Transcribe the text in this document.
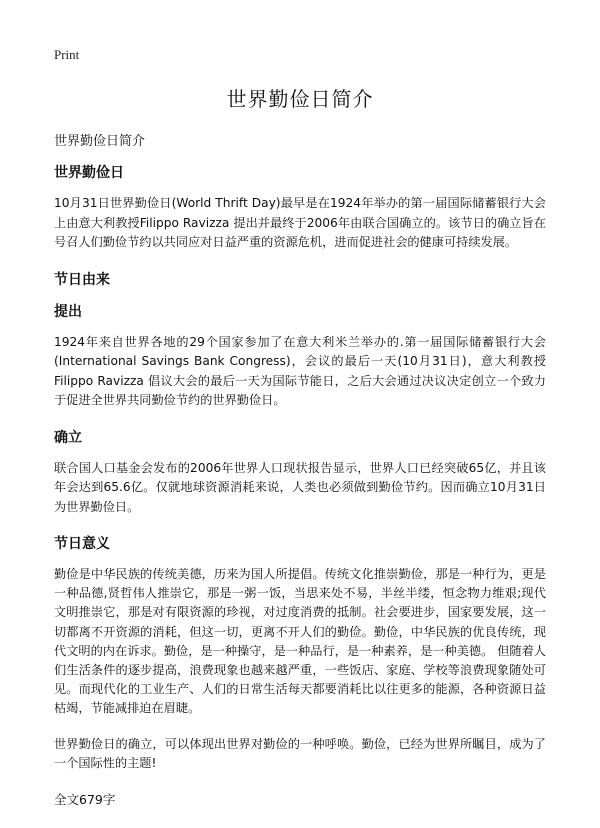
Print
世界勤俭日简介
世界勤俭日简介
世界勤俭日

10月31日世界勤俭日(World Thrift Day)最早是在1924年举办的第一届国际储蓄银行大会上由意大利教授Filippo Ravizza 提出并最终于2006年由联合国确立的。该节日的确立旨在号召人们勤俭节约以共同应对日益严重的资源危机，进而促进社会的健康可持续发展。

节日由来
提出

1924年来自世界各地的29个国家参加了在意大利米兰举办的.第一届国际储蓄银行大会(International Savings Bank Congress)，会议的最后一天(10月31日)，意大利教授Filippo Ravizza 倡议大会的最后一天为国际节能日，之后大会通过决议决定创立一个致力于促进全世界共同勤俭节约的世界勤俭日。

确立

联合国人口基金会发布的2006年世界人口现状报告显示，世界人口已经突破65亿，并且该年会达到65.6亿。仅就地球资源消耗来说，人类也必须做到勤俭节约。因而确立10月31日为世界勤俭日。

节日意义

勤俭是中华民族的传统美德，历来为国人所提倡。传统文化推崇勤俭，那是一种行为，更是一种品德,贤哲伟人推崇它，那是一粥一饭，当思来处不易，半丝半缕，恒念物力维艰;现代文明推崇它，那是对有限资源的珍视，对过度消费的抵制。社会要进步，国家要发展，这一切都离不开资源的消耗，但这一切，更离不开人们的勤俭。勤俭，中华民族的优良传统，现代文明的内在诉求。勤俭，是一种操守，是一种品行，是一种素养，是一种美德。 但随着人们生活条件的逐步提高，浪费现象也越来越严重，一些饭店、家庭、学校等浪费现象随处可见。而现代化的工业生产、人们的日常生活每天都要消耗比以往更多的能源，各种资源日益枯竭，节能减排迫在眉睫。

世界勤俭日的确立，可以体现出世界对勤俭的一种呼唤。勤俭，已经为世界所瞩目，成为了一个国际性的主题!

全文679字
